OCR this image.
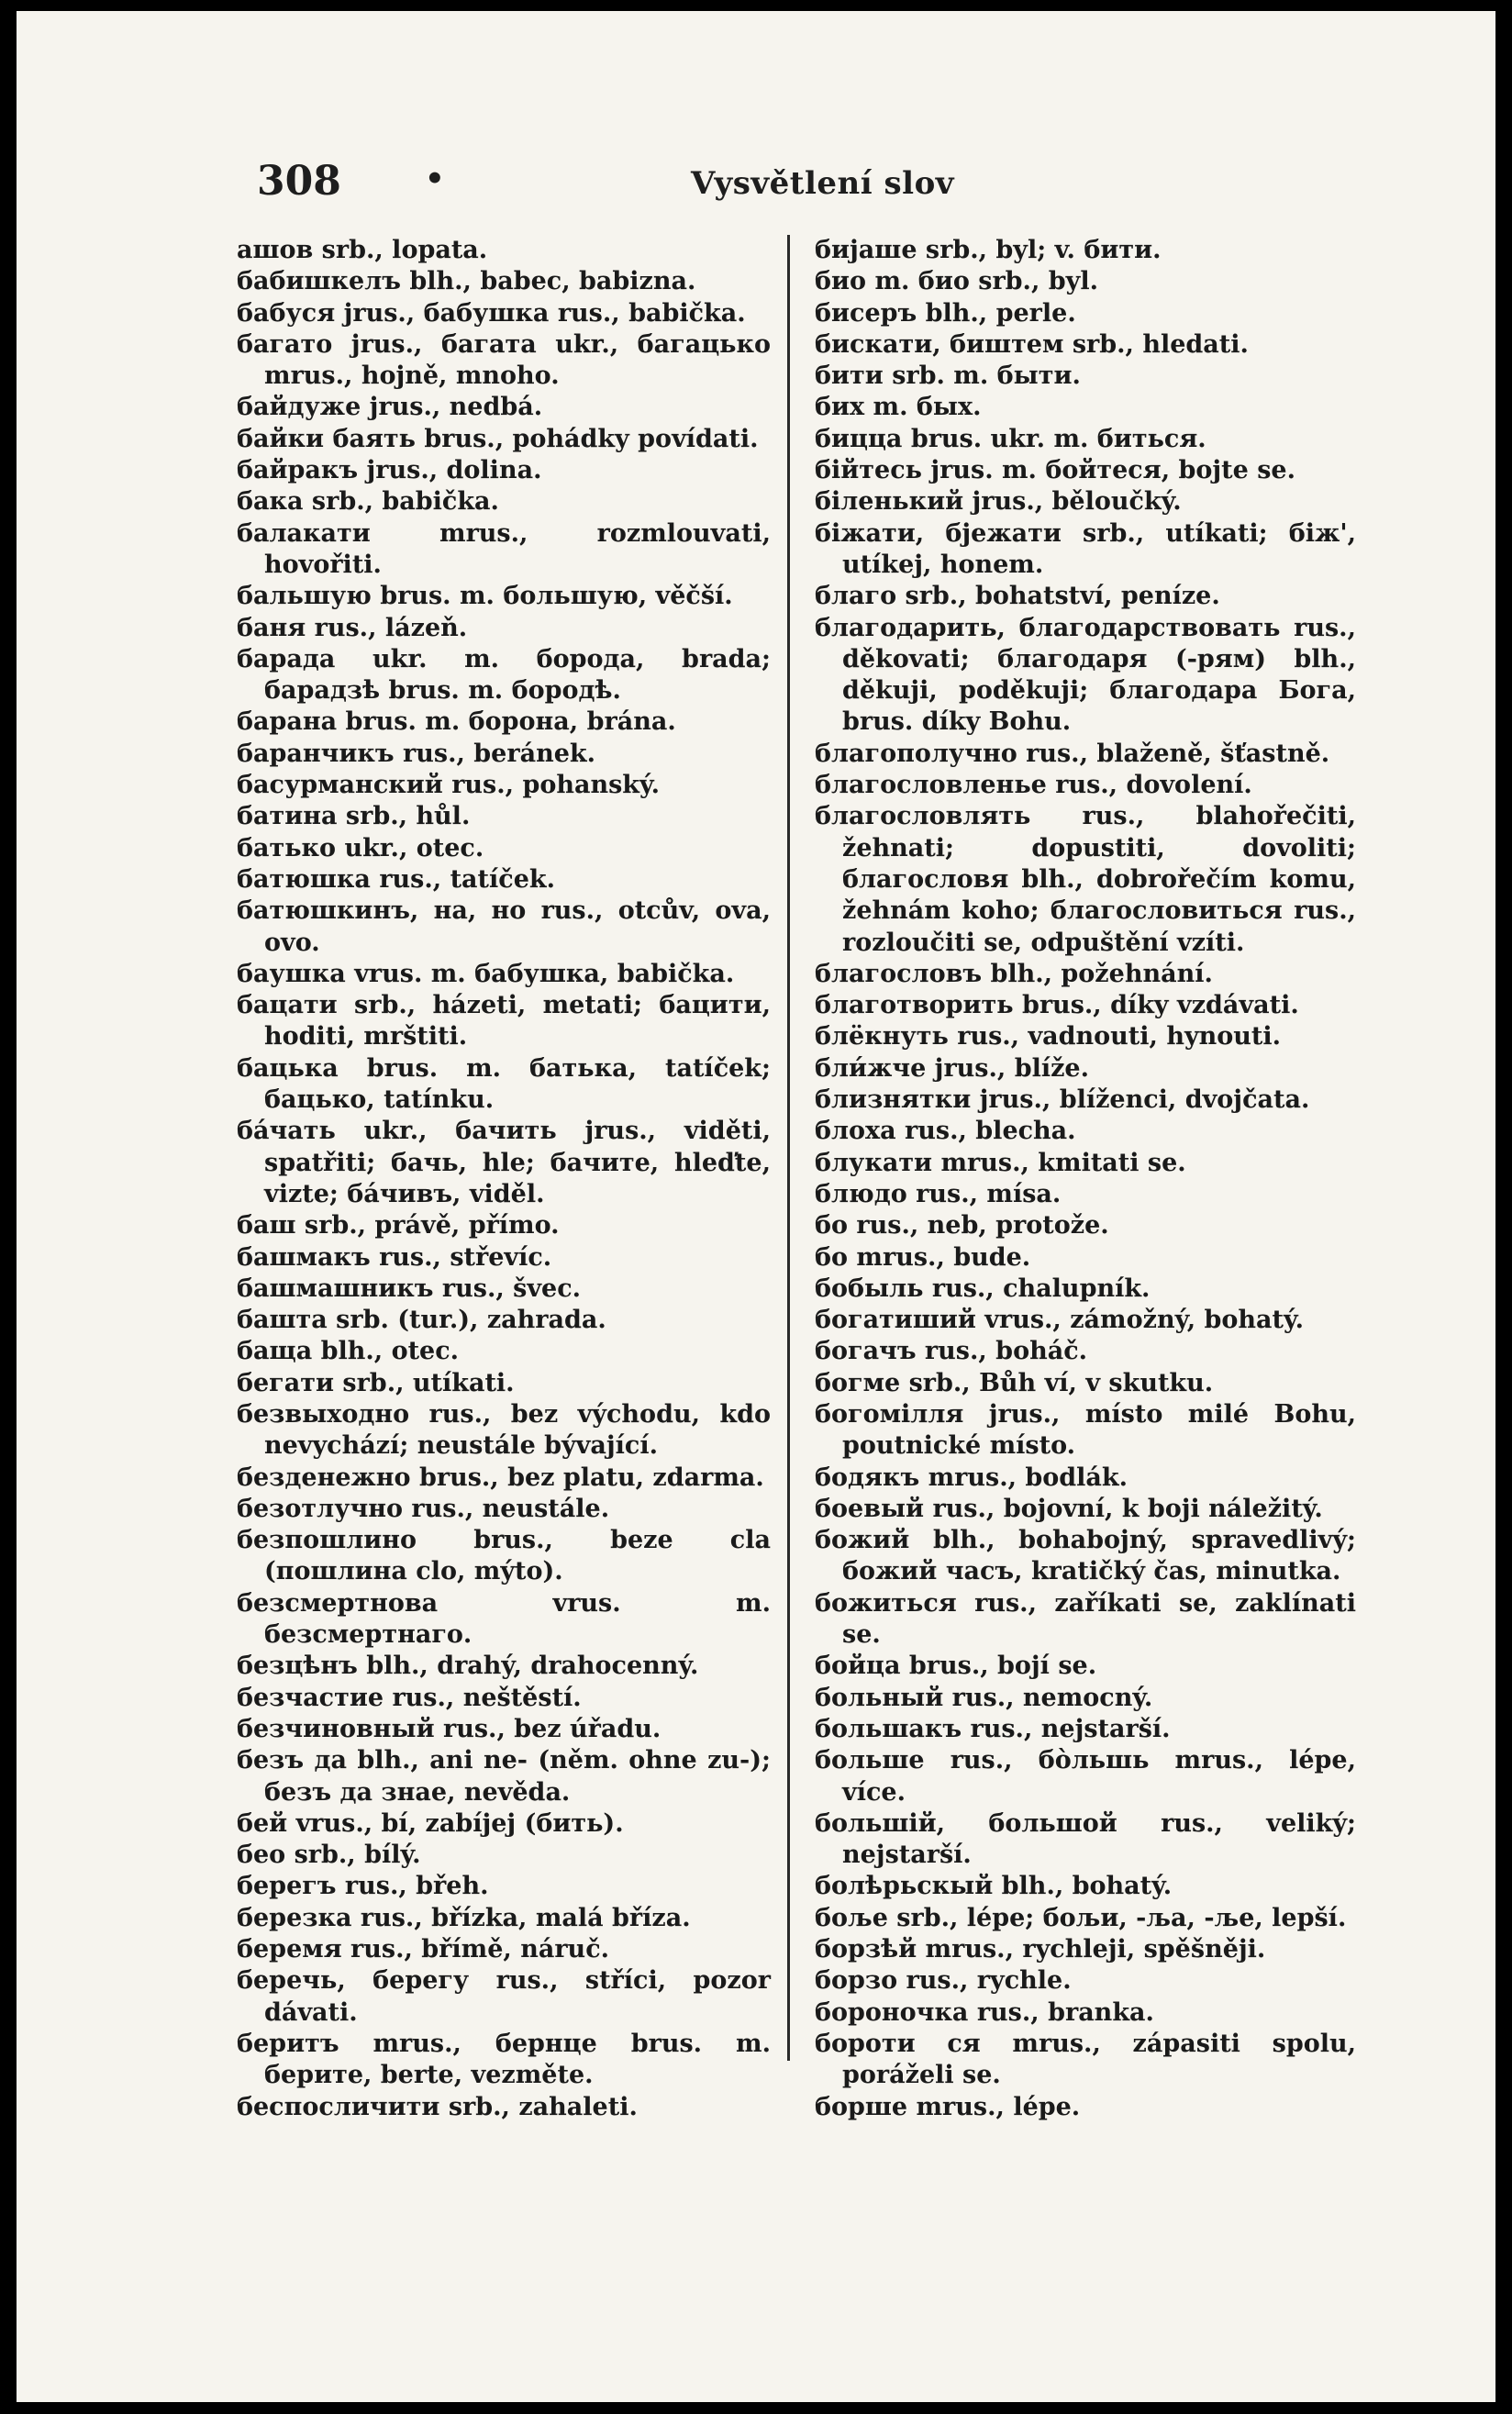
308	•	Vysvětlení slov
ашов srb., lopata.
бабишкелъ blh., babec, babizna.
бабуся jrus., бабушка rus., babička.
багато jrus., багата ukr., багацько mrus., hojně, mnoho.
байдуже jrus., nedbá.
байки баять brus., pohádky povídati.
байракъ jrus., dolina.
бака srb., babička.
балакати mrus., rozmlouvati, hovořiti.
бальшую brus. m. большую, věčší.
баня rus., lázeň.
барада ukr. m. борода, brada; барадзѣ brus. m. бородѣ.
барана brus. m. борона, brána.
баранчикъ rus., beránek.
басурманский rus., pohanský.
батина srb., hůl.
батько ukr., otec.
батюшка rus., tatíček.
батюшкинъ, на, но rus., otcův, ova, ovo.
баушка vrus. m. бабушка, babička.
бацати srb., házeti, metati; бацити, hoditi, mrštiti.
бацька brus. m. батька, tatíček; бацько, tatínku.
бáчать ukr., бачить jrus., viděti, spatřiti; бачь, hle; бачите, hleďte, vizte; бáчивъ, viděl.
баш srb., právě, přímo.
башмакъ rus., střevíc.
башмашникъ rus., švec.
башта srb. (tur.), zahrada.
баща blh., otec.
бегати srb., utíkati.
безвыходно rus., bez východu, kdo nevychází; neustále bývající.
безденежно brus., bez platu, zdarma.
безотлучно rus., neustále.
безпошлино brus., beze cla (пошлина clo, mýto).
безсмертнова vrus. m. безсмертнаго.
безцѣнъ blh., drahý, drahocenný.
безчастие rus., neštěstí.
безчиновный rus., bez úřadu.
безъ да blh., ani ne- (něm. ohne zu-); безъ да знае, nevěda.
бей vrus., bí, zabíjej (бить).
бео srb., bílý.
берегъ rus., břeh.
березка rus., břízka, malá bříza.
беремя rus., břímě, náruč.
беречь, берегу rus., stříci, pozor dávati.
беритъ mrus., бернце brus. m. берите, berte, vezměte.
беспосличити srb., zahaleti.
бијаше srb., byl; v. бити.
био m. био srb., byl.
бисеръ blh., perle.
бискати, биштем srb., hledati.
бити srb. m. быти.
бих m. бых.
бицца brus. ukr. m. биться.
бійтесь jrus. m. бойтеся, bojte se.
біленький jrus., běloučký.
біжати, бјежати srb., utíkati; біж', utíkej, honem.
благо srb., bohatství, peníze.
благодарить, благодарствовать rus., děkovati; благодаря (-рям) blh., děkuji, poděkuji; благодара Бога, brus. díky Bohu.
благополучно rus., blaženě, šťastně.
благословленье rus., dovolení.
благословлять rus., blahořečiti, žehnati; dopustiti, dovoliti; благословя blh., dobrořečím komu, žehnám koho; благословиться rus., rozloučiti se, odpuštění vzíti.
благословъ blh., požehnání.
благотворить brus., díky vzdávati.
блёкнуть rus., vadnouti, hynouti.
бли́жче jrus., blíže.
близнятки jrus., blíženci, dvojčata.
блоха rus., blecha.
блукати mrus., kmitati se.
блюдо rus., mísa.
бо rus., neb, protože.
бо mrus., bude.
бобыль rus., chalupník.
богатиший vrus., zámožný, bohatý.
богачъ rus., boháč.
богме srb., Bůh ví, v skutku.
богомілля jrus., místo milé Bohu, poutnické místo.
бодякъ mrus., bodlák.
боевый rus., bojovní, k boji náležitý.
божий blh., bohabojný, spravedlivý; божий часъ, kratičký čas, minutka.
божиться rus., zaříkati se, zaklínati se.
бойца brus., bojí se.
больный rus., nemocný.
большакъ rus., nejstarší.
больше rus., бо̀льшь mrus., lépe, více.
большій, большой rus., veliký; nejstarší.
болѣрьскый blh., bohatý.
боље srb., lépe; бољи, -ља, -ље, lepší.
борзѣй mrus., rychleji, spěšněji.
борзо rus., rychle.
бороночка rus., branka.
бороти ся mrus., zápasiti spolu, poráželi se.
борше mrus., lépe.
